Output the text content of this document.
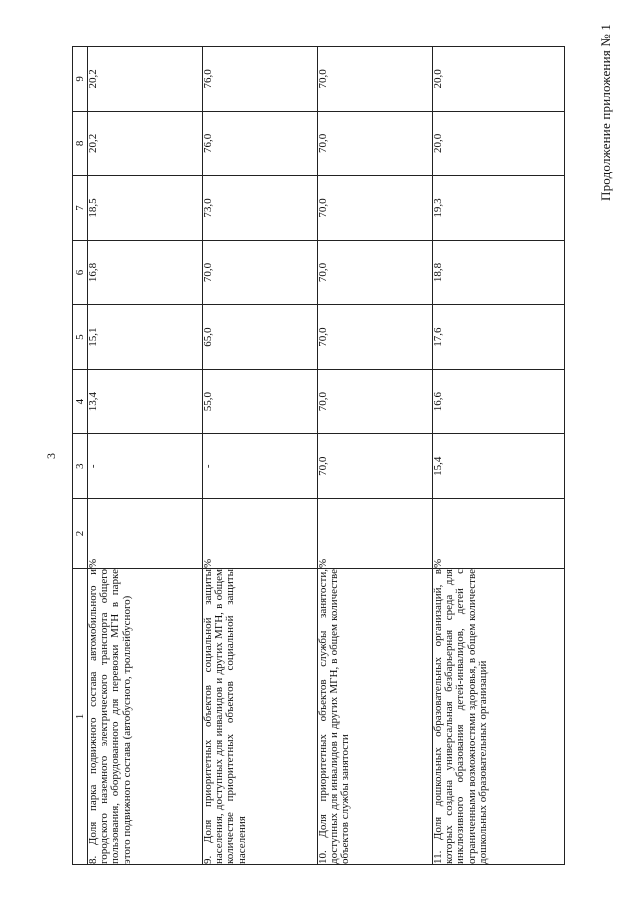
Продолжение приложения № 1
3
1	2	3	4	5	6	7	8	9
8. Доля парка подвижного состава автомобильного и городского наземного электрического транспорта общего пользования, оборудованного для перевозки МГН в парке этого подвижного состава (автобусного, троллейбусного)	%	-	13,4	15,1	16,8	18,5	20,2	20,2
9. Доля приоритетных объектов социальной защиты населения, доступных для инвалидов и других МГН, в общем количестве приоритетных объектов социальной защиты населения	%	-	55,0	65,0	70,0	73,0	76,0	76,0
10. Доля приоритетных объектов службы занятости, доступных для инвалидов и других МГН, в общем количестве объектов службы занятости	%	70,0	70,0	70,0	70,0	70,0	70,0	70,0
11. Доля дошкольных образовательных организаций, в которых создана универсальная безбарьерная среда для инклюзивного образования детей-инвалидов, детей с ограниченными возможностями здоровья, в общем количестве дошкольных образовательных организаций	%	15,4	16,6	17,6	18,8	19,3	20,0	20,0
